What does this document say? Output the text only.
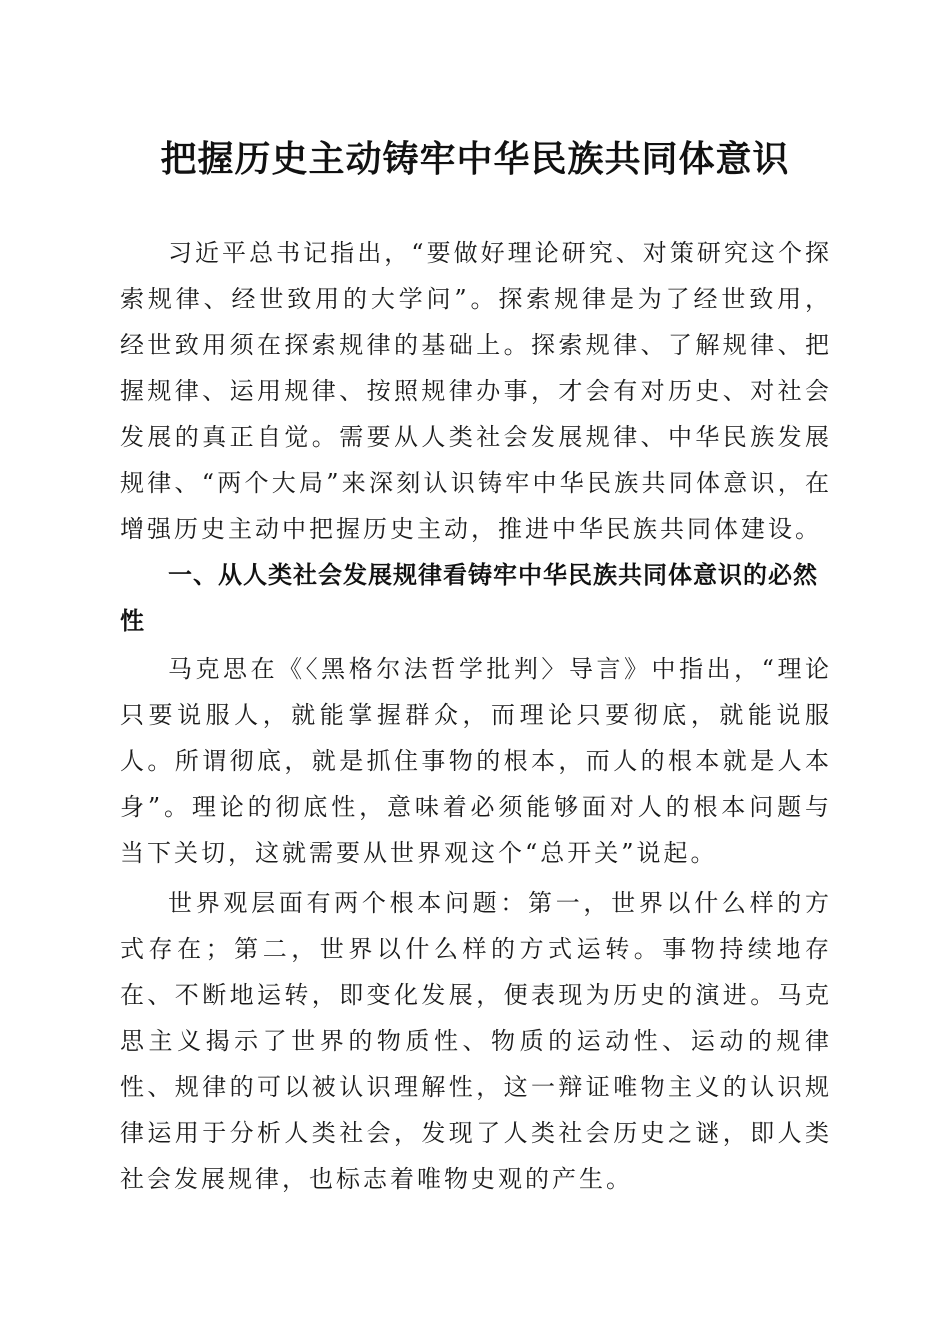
把握历史主动铸牢中华民族共同体意识

习近平总书记指出，“要做好理论研究、对策研究这个探索规律、经世致用的大学问”。探索规律是为了经世致用，经世致用须在探索规律的基础上。探索规律、了解规律、把握规律、运用规律、按照规律办事，才会有对历史、对社会发展的真正自觉。需要从人类社会发展规律、中华民族发展规律、“两个大局”来深刻认识铸牢中华民族共同体意识，在增强历史主动中把握历史主动，推进中华民族共同体建设。

一、从人类社会发展规律看铸牢中华民族共同体意识的必然性

马克思在《〈黑格尔法哲学批判〉导言》中指出，“理论只要说服人，就能掌握群众，而理论只要彻底，就能说服人。所谓彻底，就是抓住事物的根本，而人的根本就是人本身”。理论的彻底性，意味着必须能够面对人的根本问题与当下关切，这就需要从世界观这个“总开关”说起。

世界观层面有两个根本问题：第一，世界以什么样的方式存在；第二，世界以什么样的方式运转。事物持续地存在、不断地运转，即变化发展，便表现为历史的演进。马克思主义揭示了世界的物质性、物质的运动性、运动的规律性、规律的可以被认识理解性，这一辩证唯物主义的认识规律运用于分析人类社会，发现了人类社会历史之谜，即人类社会发展规律，也标志着唯物史观的产生。
